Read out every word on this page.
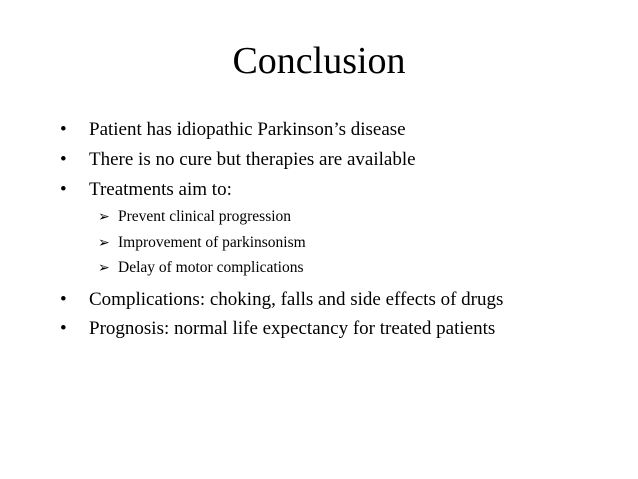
Conclusion
• Patient has idiopathic Parkinson’s disease
• There is no cure but therapies are available
• Treatments aim to:
➢ Prevent clinical progression
➢ Improvement of parkinsonism
➢ Delay of motor complications
• Complications: choking, falls and side effects of drugs
• Prognosis: normal life expectancy for treated patients
